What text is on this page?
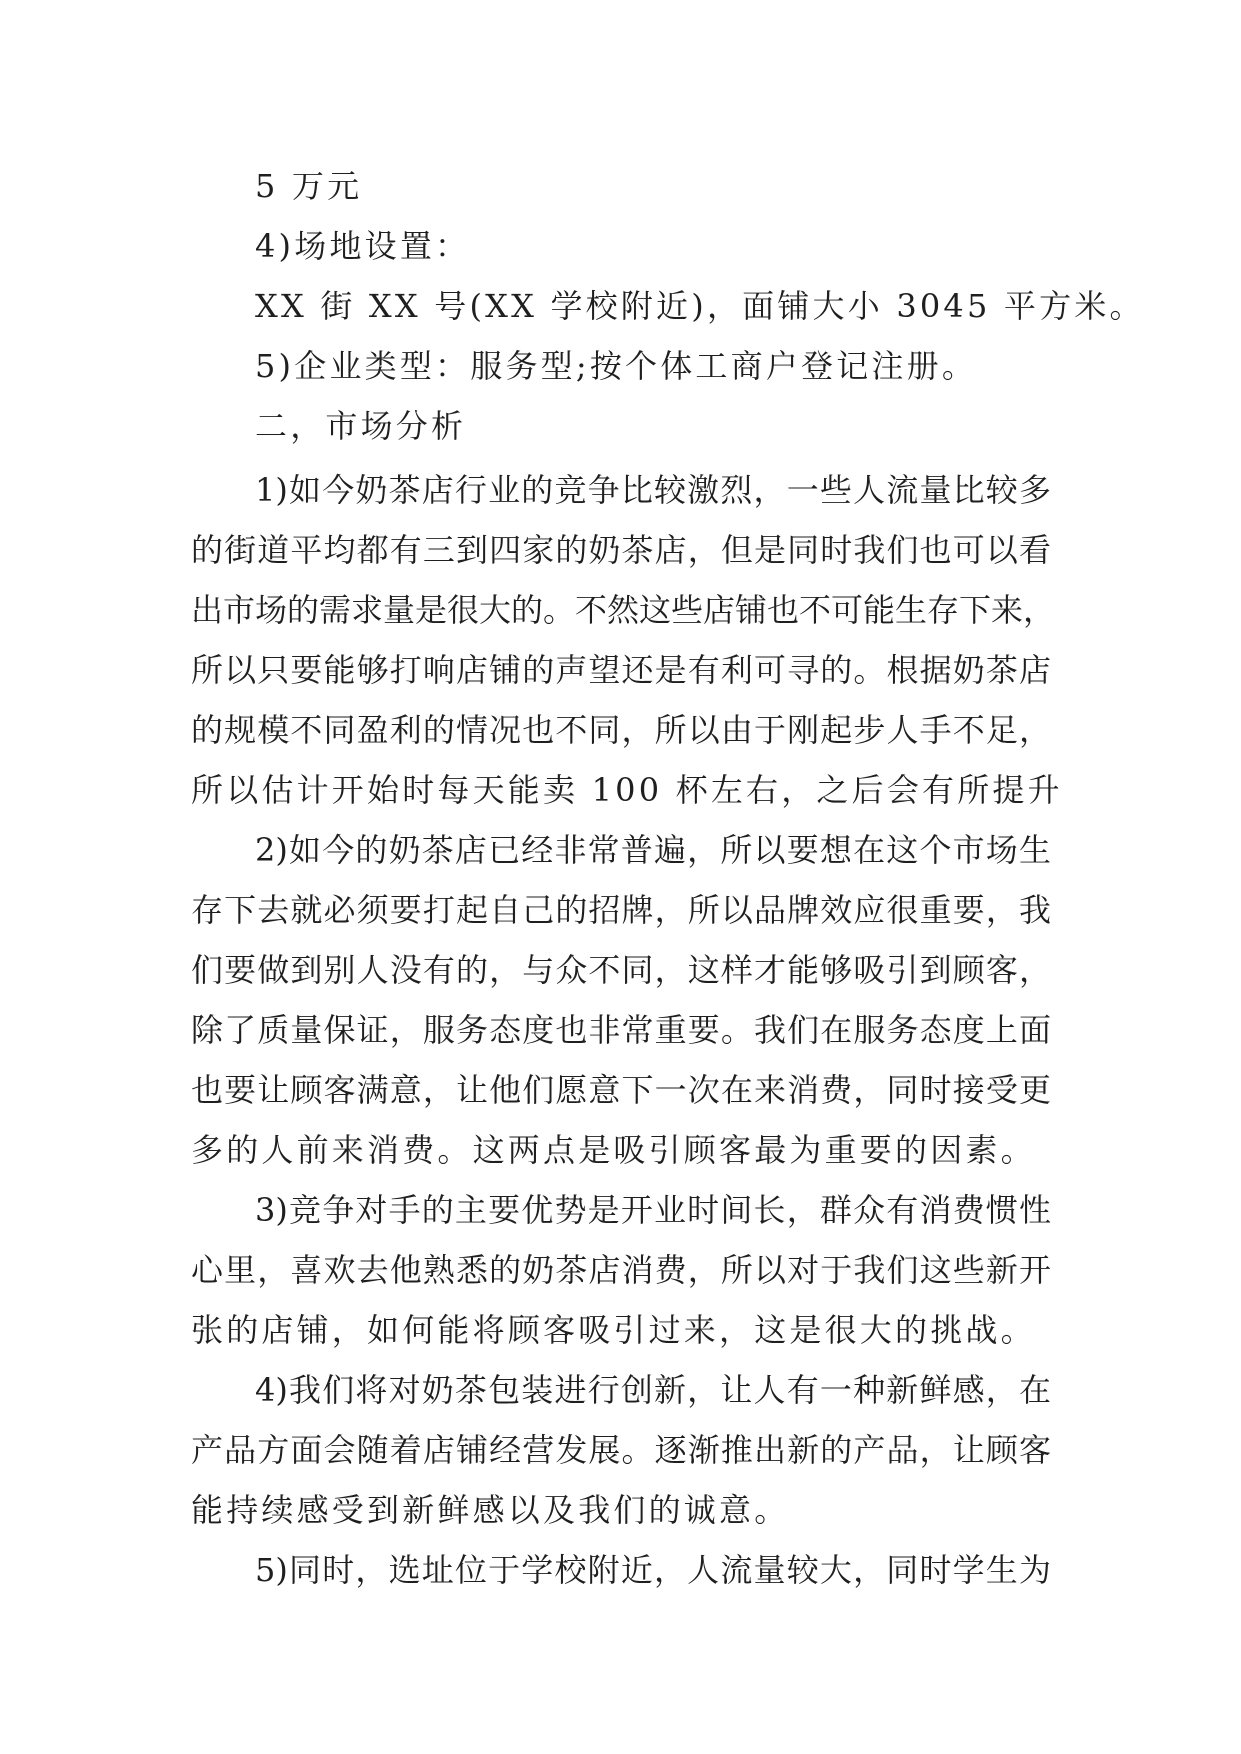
5 万元
4)场地设置：
XX 街 XX 号(XX 学校附近)，面铺大小 3045 平方米。
5)企业类型：服务型;按个体工商户登记注册。
二，市场分析
1)如今奶茶店行业的竞争比较激烈，一些人流量比较多
的街道平均都有三到四家的奶茶店，但是同时我们也可以看
出市场的需求量是很大的。不然这些店铺也不可能生存下来，
所以只要能够打响店铺的声望还是有利可寻的。根据奶茶店
的规模不同盈利的情况也不同，所以由于刚起步人手不足，
所以估计开始时每天能卖 100 杯左右，之后会有所提升
2)如今的奶茶店已经非常普遍，所以要想在这个市场生
存下去就必须要打起自己的招牌，所以品牌效应很重要，我
们要做到别人没有的，与众不同，这样才能够吸引到顾客，
除了质量保证，服务态度也非常重要。我们在服务态度上面
也要让顾客满意，让他们愿意下一次在来消费，同时接受更
多的人前来消费。这两点是吸引顾客最为重要的因素。
3)竞争对手的主要优势是开业时间长，群众有消费惯性
心里，喜欢去他熟悉的奶茶店消费，所以对于我们这些新开
张的店铺，如何能将顾客吸引过来，这是很大的挑战。
4)我们将对奶茶包装进行创新，让人有一种新鲜感，在
产品方面会随着店铺经营发展。逐渐推出新的产品，让顾客
能持续感受到新鲜感以及我们的诚意。
5)同时，选址位于学校附近，人流量较大，同时学生为
